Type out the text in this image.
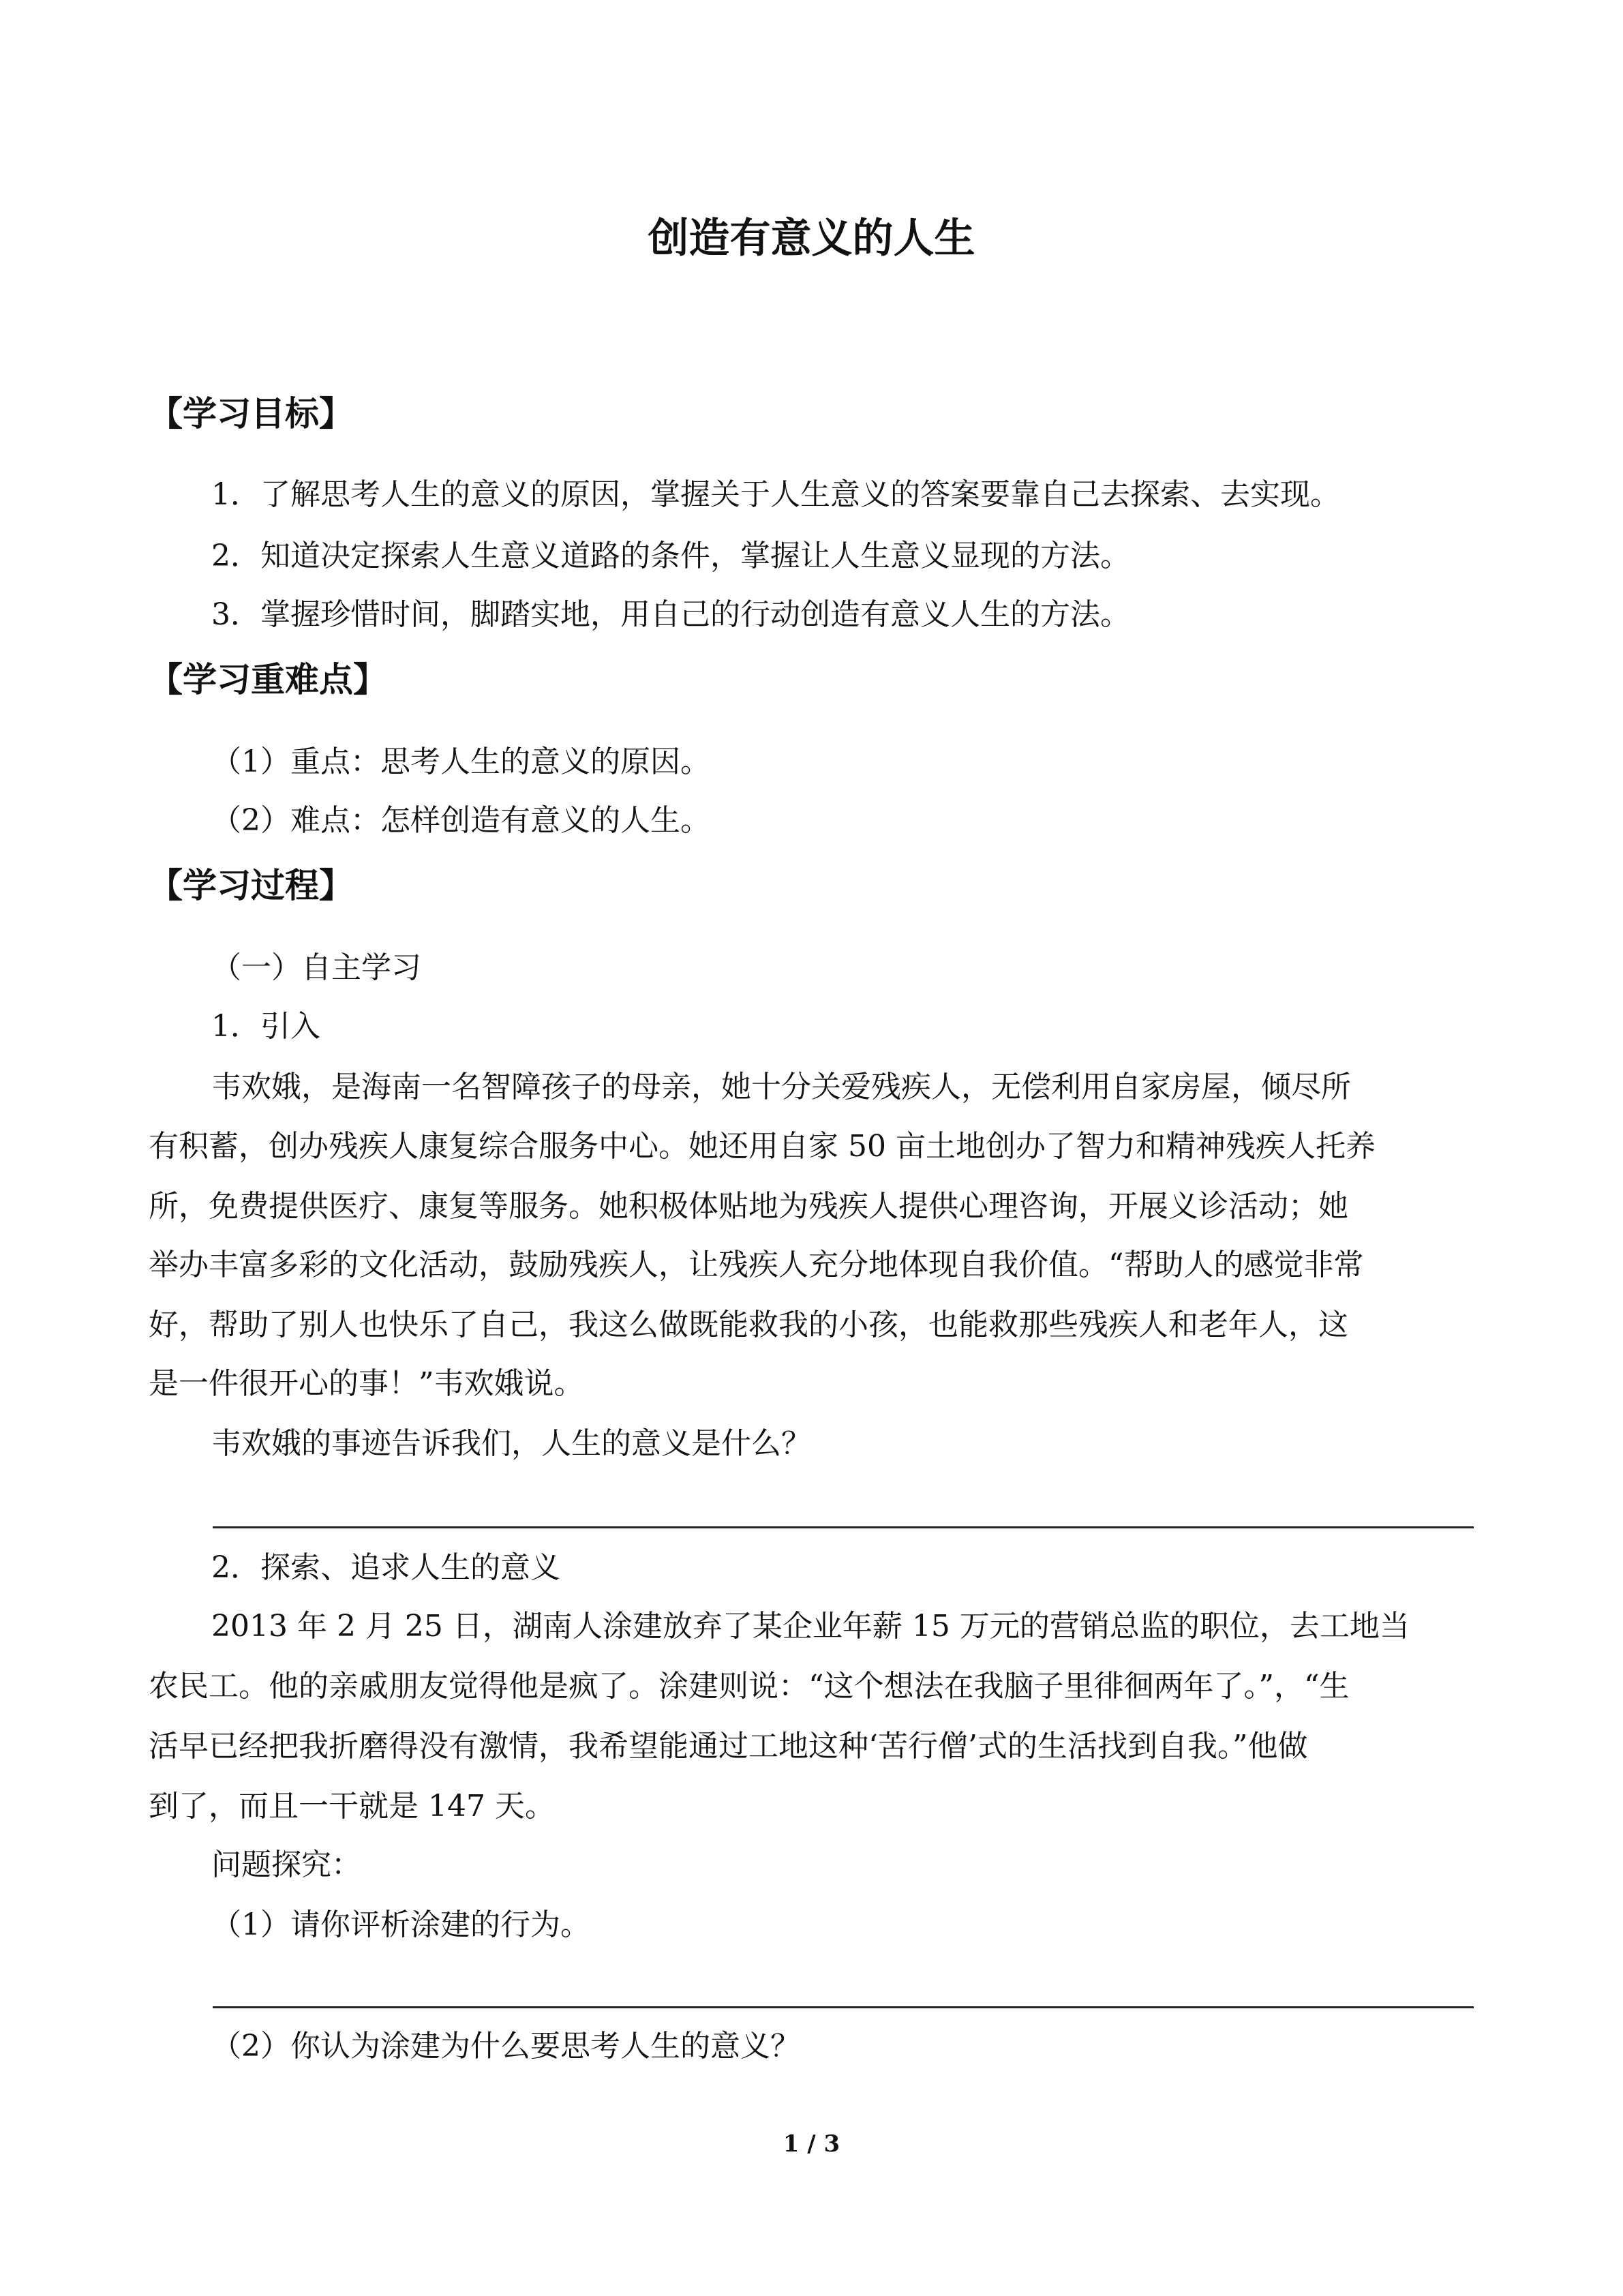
创造有意义的人生
【学习目标】
1．了解思考人生的意义的原因，掌握关于人生意义的答案要靠自己去探索、去实现。
2．知道决定探索人生意义道路的条件，掌握让人生意义显现的方法。
3．掌握珍惜时间，脚踏实地，用自己的行动创造有意义人生的方法。
【学习重难点】
（1）重点：思考人生的意义的原因。
（2）难点：怎样创造有意义的人生。
【学习过程】
（一）自主学习
1．引入
韦欢娥，是海南一名智障孩子的母亲，她十分关爱残疾人，无偿利用自家房屋，倾尽所
有积蓄，创办残疾人康复综合服务中心。她还用自家 50 亩土地创办了智力和精神残疾人托养
所，免费提供医疗、康复等服务。她积极体贴地为残疾人提供心理咨询，开展义诊活动；她
举办丰富多彩的文化活动，鼓励残疾人，让残疾人充分地体现自我价值。“帮助人的感觉非常
好，帮助了别人也快乐了自己，我这么做既能救我的小孩，也能救那些残疾人和老年人，这
是一件很开心的事！”韦欢娥说。
韦欢娥的事迹告诉我们，人生的意义是什么？
2．探索、追求人生的意义
2013 年 2 月 25 日，湖南人涂建放弃了某企业年薪 15 万元的营销总监的职位，去工地当
农民工。他的亲戚朋友觉得他是疯了。涂建则说：“这个想法在我脑子里徘徊两年了。”，“生
活早已经把我折磨得没有激情，我希望能通过工地这种‘苦行僧’式的生活找到自我。”他做
到了，而且一干就是 147 天。
问题探究：
（1）请你评析涂建的行为。
（2）你认为涂建为什么要思考人生的意义？
1 / 3
